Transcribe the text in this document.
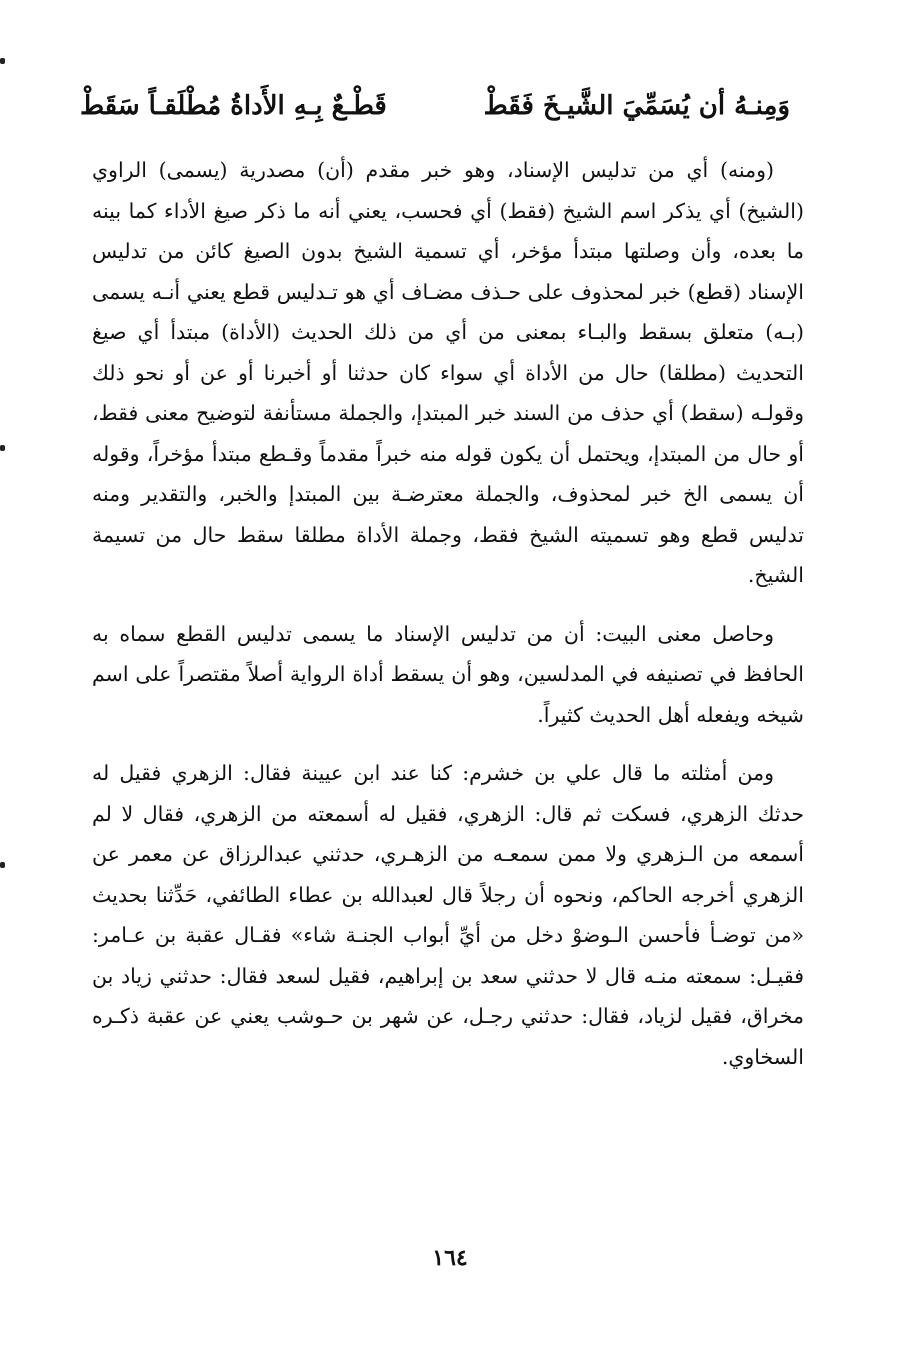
وَمِنـهُ أن يُسَمِّيَ الشَّيـخَ فَقَطْ
قَطْـعٌ بِـهِ الأَداةُ مُطْلَقـاً سَقَطْ

(ومنه) أي من تدليس الإسناد، وهو خبر مقدم (أن) مصدرية (يسمى) الراوي (الشيخ) أي يذكر اسم الشيخ (فقط) أي فحسب، يعني أنه ما ذكر صيغ الأداء كما بينه ما بعده، وأن وصلتها مبتدأ مؤخر، أي تسمية الشيخ بدون الصيغ كائن من تدليس الإسناد (قطع) خبر لمحذوف على حـذف مضـاف أي هو تـدليس قطع يعني أنـه يسمى (بـه) متعلق بسقط والبـاء بمعنى من أي من ذلك الحديث (الأداة) مبتدأ أي صيغ التحديث (مطلقا) حال من الأداة أي سواء كان حدثنا أو أخبرنا أو عن أو نحو ذلك وقولـه (سقط) أي حذف من السند خبر المبتدإ، والجملة مستأنفة لتوضيح معنى فقط، أو حال من المبتدإ، ويحتمل أن يكون قوله منه خبراً مقدماً وقـطع مبتدأ مؤخراً، وقوله أن يسمى الخ خبر لمحذوف، والجملة معترضـة بين المبتدإ والخبر، والتقدير ومنه تدليس قطع وهو تسميته الشيخ فقط، وجملة الأداة مطلقا سقط حال من تسيمة الشيخ.

وحاصل معنى البيت: أن من تدليس الإسناد ما يسمى تدليس القطع سماه به الحافظ في تصنيفه في المدلسين، وهو أن يسقط أداة الرواية أصلاً مقتصراً على اسم شيخه ويفعله أهل الحديث كثيراً.

ومن أمثلته ما قال علي بن خشرم: كنا عند ابن عيينة فقال: الزهري فقيل له حدثك الزهري، فسكت ثم قال: الزهري، فقيل له أسمعته من الزهري، فقال لا لم أسمعه من الـزهري ولا ممن سمعـه من الزهـري، حدثني عبدالرزاق عن معمر عن الزهري أخرجه الحاكم، ونحوه أن رجلاً قال لعبدالله بن عطاء الطائفي، حَدِّثنا بحديث «من توضـأ فأحسن الـوضوْ دخل من أيِّ أبواب الجنـة شاء» فقـال عقبة بن عـامر: فقيـل: سمعته منـه قال لا حدثني سعد بن إبراهيم، فقيل لسعد فقال: حدثني زياد بن مخراق، فقيل لزياد، فقال: حدثني رجـل، عن شهر بن حـوشب يعني عن عقبة ذكـره السخاوي.

١٦٤
